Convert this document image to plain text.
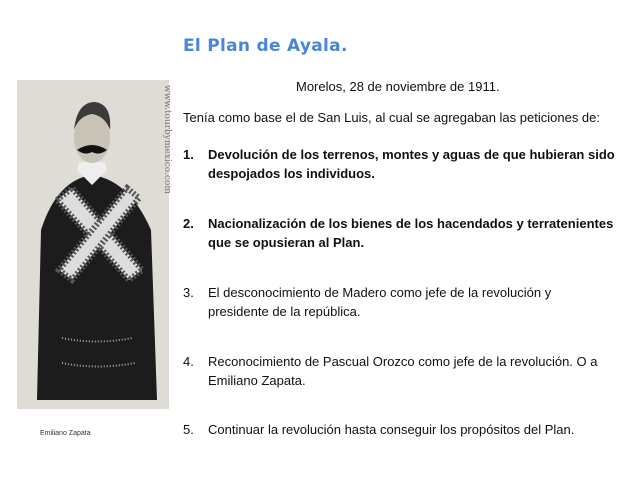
El Plan de Ayala.
Morelos, 28 de noviembre de 1911.
Tenía como base el de San Luis, al cual se agregaban las peticiones de:
1. Devolución de los terrenos, montes y aguas de que hubieran sido despojados los individuos.
2. Nacionalización de los bienes de los hacendados y terratenientes que se opusieran al Plan.
3. El desconocimiento de Madero como jefe de la revolución y presidente de la república.
4. Reconocimiento de Pascual Orozco como jefe de la revolución. O a Emiliano Zapata.
5. Continuar la revolución hasta conseguir los propósitos del Plan.
www.tourbymexico.com
Emiliano Zapata
